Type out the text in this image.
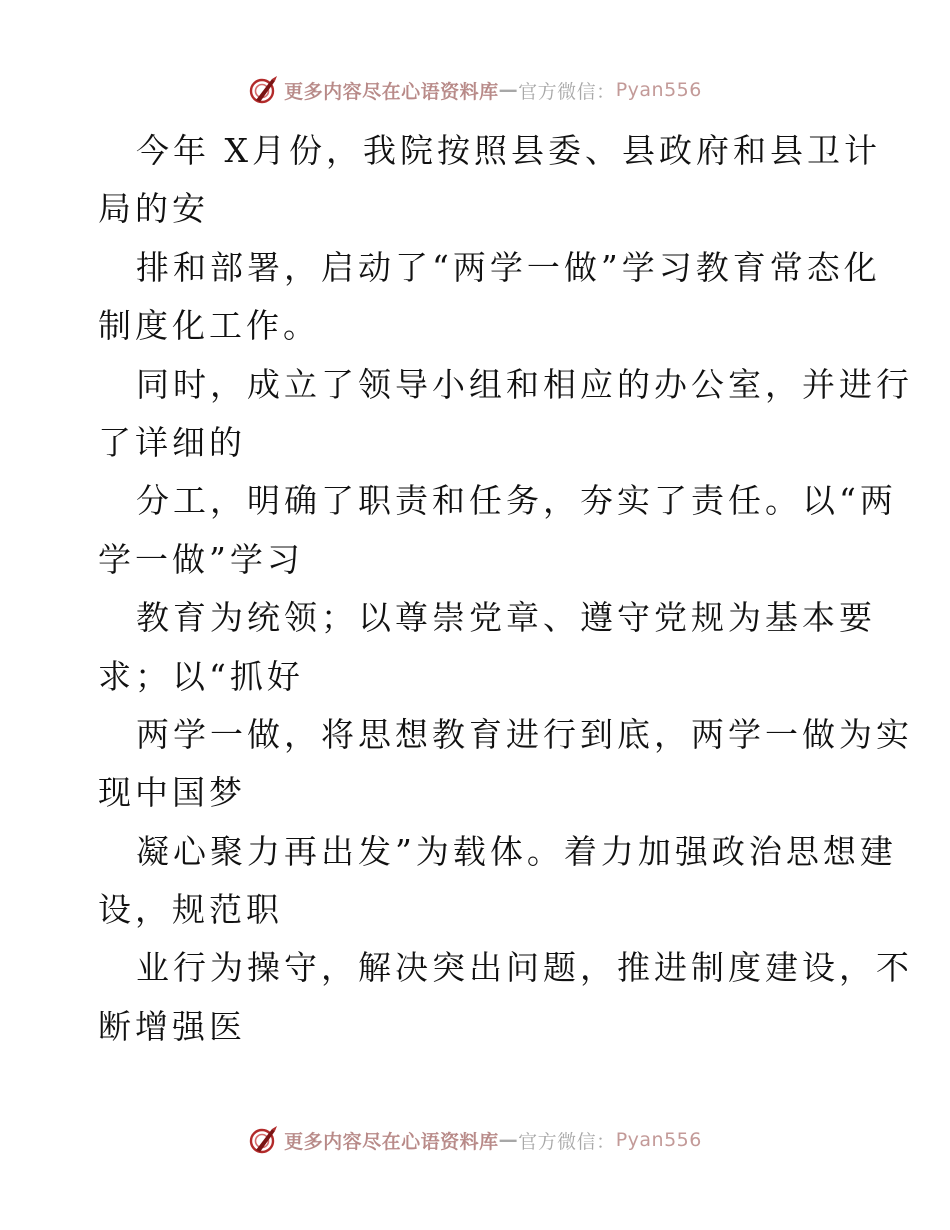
更多内容尽在心语资料库 — 官方微信： Pyan556
今年 X月份，我院按照县委、县政府和县卫计
局的安
排和部署，启动了“两学一做”学习教育常态化
制度化工作。
同时，成立了领导小组和相应的办公室，并进行
了详细的
分工，明确了职责和任务，夯实了责任。以“两
学一做”学习
教育为统领；以尊崇党章、遵守党规为基本要
求；以“抓好
两学一做，将思想教育进行到底，两学一做为实
现中国梦
凝心聚力再出发”为载体。着力加强政治思想建
设，规范职
业行为操守，解决突出问题，推进制度建设，不
断增强医
更多内容尽在心语资料库 — 官方微信： Pyan556
